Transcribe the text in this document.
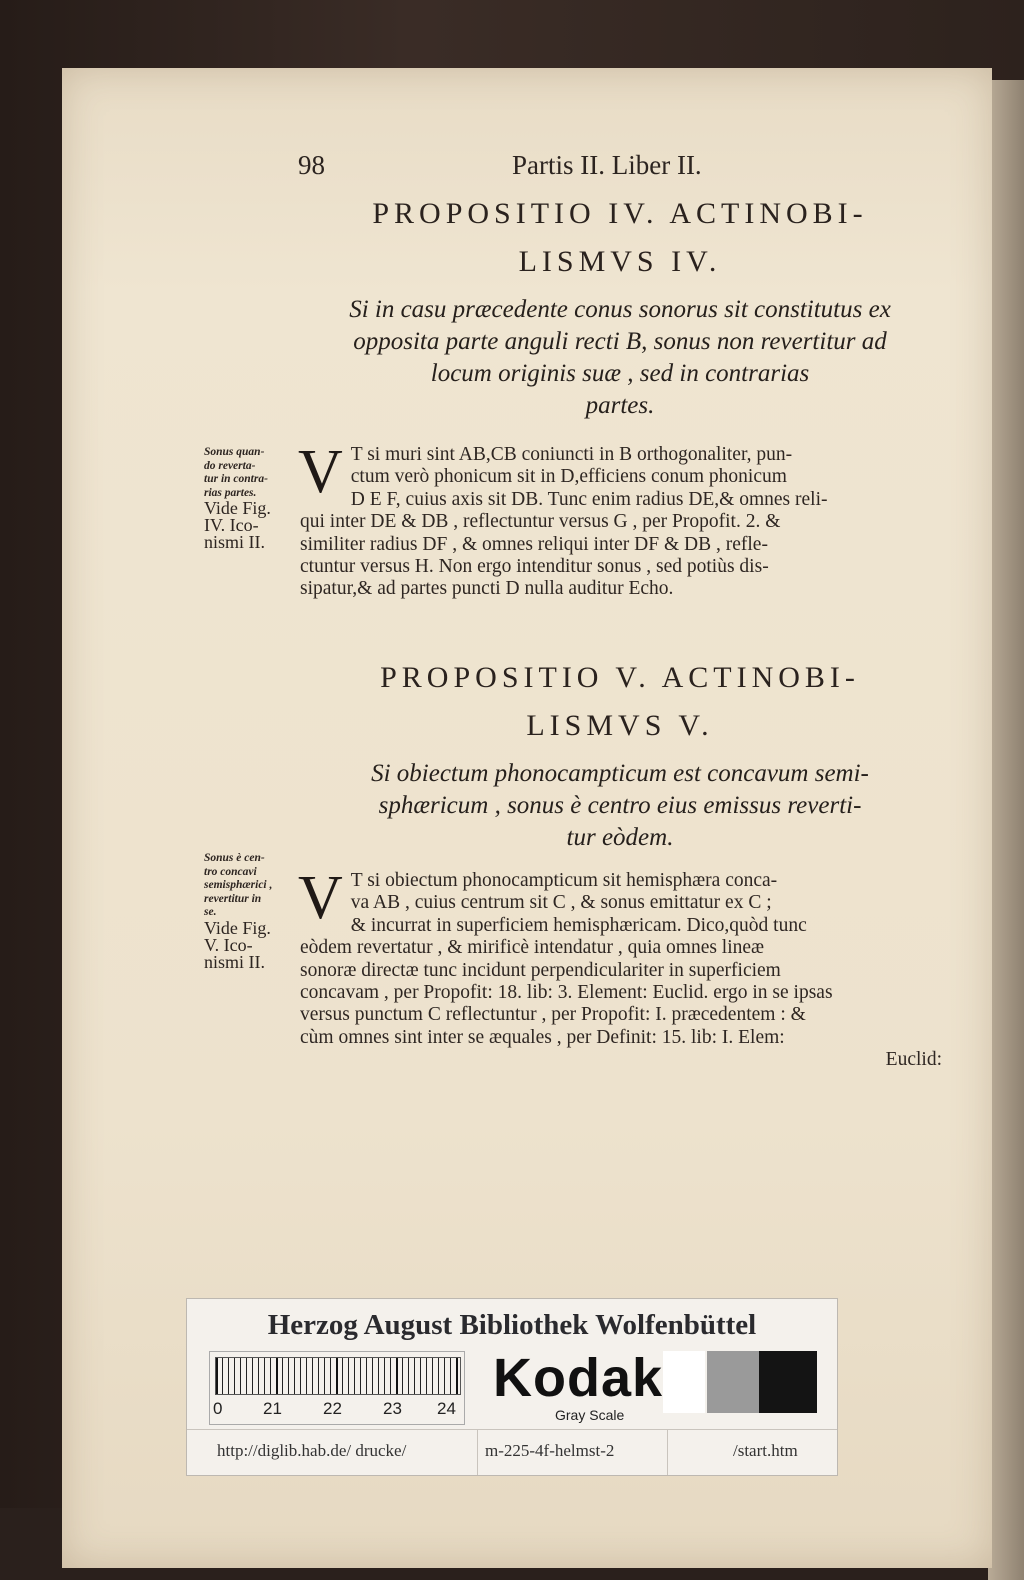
98	Partis II. Liber II.
PROPOSITIO IV. ACTINOBI-
LISMVS IV.
Si in casu præcedente conus sonorus sit constitutus ex
opposita parte anguli recti B, sonus non revertitur ad
locum originis suæ , sed in contrarias
partes.
Sonus quan-
do reverta-
tur in contra-
rias partes.
Vide Fig.
IV. Ico-
nismi II.
V T si muri sint AB,CB coniuncti in B orthogonaliter, pun-
ctum verò phonicum sit in D,efficiens conum phonicum
D E F, cuius axis sit DB. Tunc enim radius DE,& omnes reli-
qui inter DE & DB , reflectuntur versus G , per Propofit. 2. &
similiter radius DF , & omnes reliqui inter DF & DB , refle-
ctuntur versus H. Non ergo intenditur sonus , sed potiùs dis-
sipatur,& ad partes puncti D nulla auditur Echo.
PROPOSITIO V. ACTINOBI-
LISMVS V.
Si obiectum phonocampticum est concavum semi-
sphæricum , sonus è centro eius emissus reverti-
tur eòdem.
Sonus è cen-
tro concavi
semisphærici ,
revertitur in
se.
Vide Fig.
V. Ico-
nismi II.
V T si obiectum phonocampticum sit hemisphæra conca-
va AB , cuius centrum sit C , & sonus emittatur ex C ;
& incurrat in superficiem hemisphæricam. Dico,quòd tunc
eòdem revertatur , & mirificè intendatur , quia omnes lineæ
sonoræ directæ tunc incidunt perpendiculariter in superficiem
concavam , per Propofit: 18. lib: 3. Element: Euclid. ergo in se ipsas
versus punctum C reflectuntur , per Propofit: I. præcedentem : &
cùm omnes sint inter se æquales , per Definit: 15. lib: I. Elem:
Euclid:
Herzog August Bibliothek Wolfenbüttel
0 21 22 23 24
Kodak
Gray Scale
http://diglib.hab.de/ drucke/	m-225-4f-helmst-2	/start.htm
